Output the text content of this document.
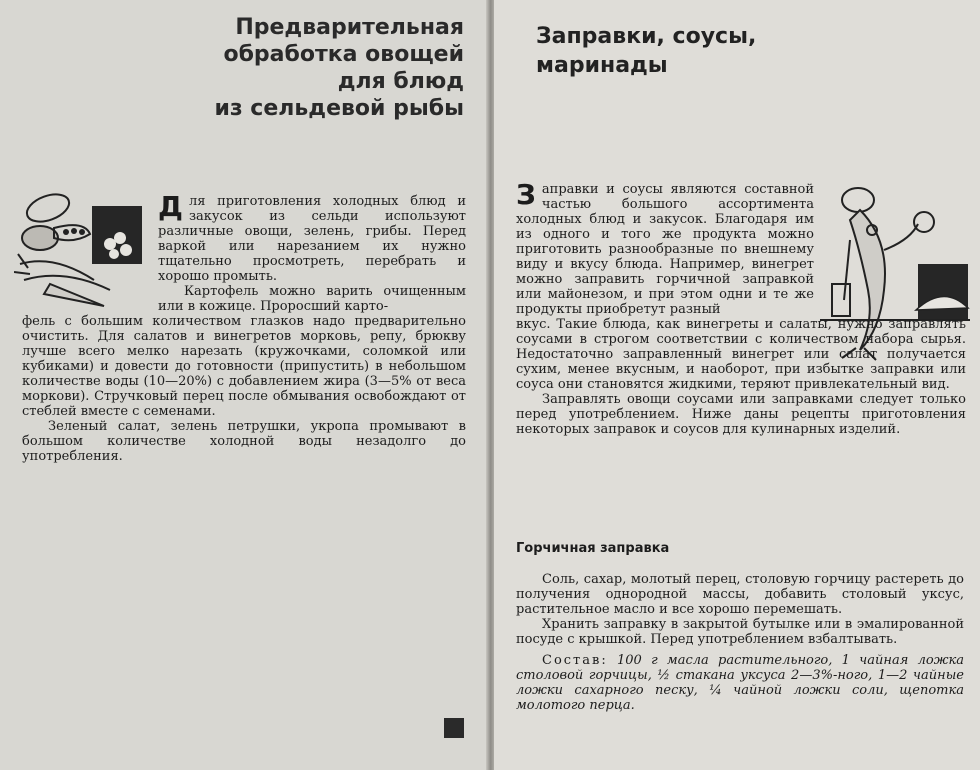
Предварительная
обработка овощей
для блюд
из сельдевой рыбы
Д ля приготовления холодных блюд и закусок из сельди используют различные овощи, зелень, грибы. Перед варкой или нарезанием их нужно тщательно просмотреть, перебрать и хорошо промыть.

Картофель можно варить очищенным или в кожице. Проросший карто-

фель с большим количеством глазков надо предварительно очистить. Для салатов и винегретов морковь, репу, брюкву лучше всего мелко нарезать (кружочками, соломкой или кубиками) и довести до готовности (припустить) в небольшом количестве воды (10—20%) с добавлением жира (3—5% от веса моркови). Стручковый перец после обмывания освобождают от стеблей вместе с семенами.

Зеленый салат, зелень петрушки, укропа промывают в большом количестве холодной воды незадолго до употребления.

Заправки, соусы,
маринады

Заправки и соусы являются составной частью большого ассортимента холодных блюд и закусок. Благодаря им из одного и того же продукта можно приготовить разнообразные по внешнему виду и вкусу блюда. Например, винегрет можно заправить горчичной заправкой или майонезом, и при этом одни и те же продукты приобретут разный

вкус. Такие блюда, как винегреты и салаты, нужно заправлять соусами в строгом соответствии с количеством набора сырья. Недостаточно заправленный винегрет или салат получается сухим, менее вкусным, и наоборот, при избытке заправки или соуса они становятся жидкими, теряют привлекательный вид.

Заправлять овощи соусами или заправками следует только перед употреблением. Ниже даны рецепты приготовления некоторых заправок и соусов для кулинарных изделий.

Горчичная заправка

Соль, сахар, молотый перец, столовую горчицу растереть до получения однородной массы, добавить столовый уксус, растительное масло и все хорошо перемешать.

Хранить заправку в закрытой бутылке или в эмалированной посуде с крышкой. Перед употреблением взбалтывать.

Состав: 100 г масла растительного, 1 чайная ложка столовой горчицы, ½ стакана уксуса 2—3%-ного, 1—2 чайные ложки сахарного песку, ¼ чайной ложки соли, щепотка молотого перца.
